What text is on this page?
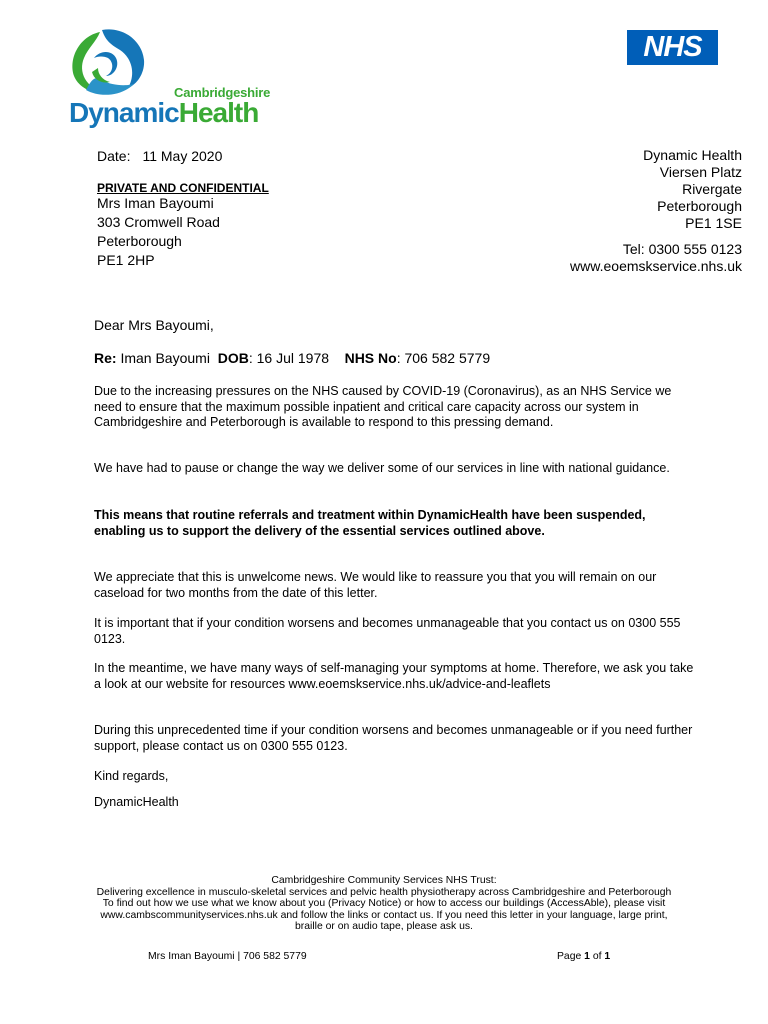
Cambridgeshire
DynamicHealth
NHS
Date: 11 May 2020
PRIVATE AND CONFIDENTIAL
Mrs Iman Bayoumi
303 Cromwell Road
Peterborough
PE1 2HP
Dynamic Health
Viersen Platz
Rivergate
Peterborough
PE1 1SE
Tel: 0300 555 0123
www.eoemskservice.nhs.uk
Dear Mrs Bayoumi,
Re: Iman Bayoumi DOB: 16 Jul 1978 NHS No: 706 582 5779
Due to the increasing pressures on the NHS caused by COVID-19 (Coronavirus), as an NHS Service we need to ensure that the maximum possible inpatient and critical care capacity across our system in Cambridgeshire and Peterborough is available to respond to this pressing demand.
We have had to pause or change the way we deliver some of our services in line with national guidance.
This means that routine referrals and treatment within DynamicHealth have been suspended, enabling us to support the delivery of the essential services outlined above.
We appreciate that this is unwelcome news. We would like to reassure you that you will remain on our caseload for two months from the date of this letter.
It is important that if your condition worsens and becomes unmanageable that you contact us on 0300 555 0123.
In the meantime, we have many ways of self-managing your symptoms at home. Therefore, we ask you take a look at our website for resources www.eoemskservice.nhs.uk/advice-and-leaflets
During this unprecedented time if your condition worsens and becomes unmanageable or if you need further support, please contact us on 0300 555 0123.
Kind regards,
DynamicHealth
Cambridgeshire Community Services NHS Trust:
Delivering excellence in musculo-skeletal services and pelvic health physiotherapy across Cambridgeshire and Peterborough
To find out how we use what we know about you (Privacy Notice) or how to access our buildings (AccessAble), please visit www.cambscommunityservices.nhs.uk and follow the links or contact us. If you need this letter in your language, large print, braille or on audio tape, please ask us.
Mrs Iman Bayoumi | 706 582 5779	Page 1 of 1
